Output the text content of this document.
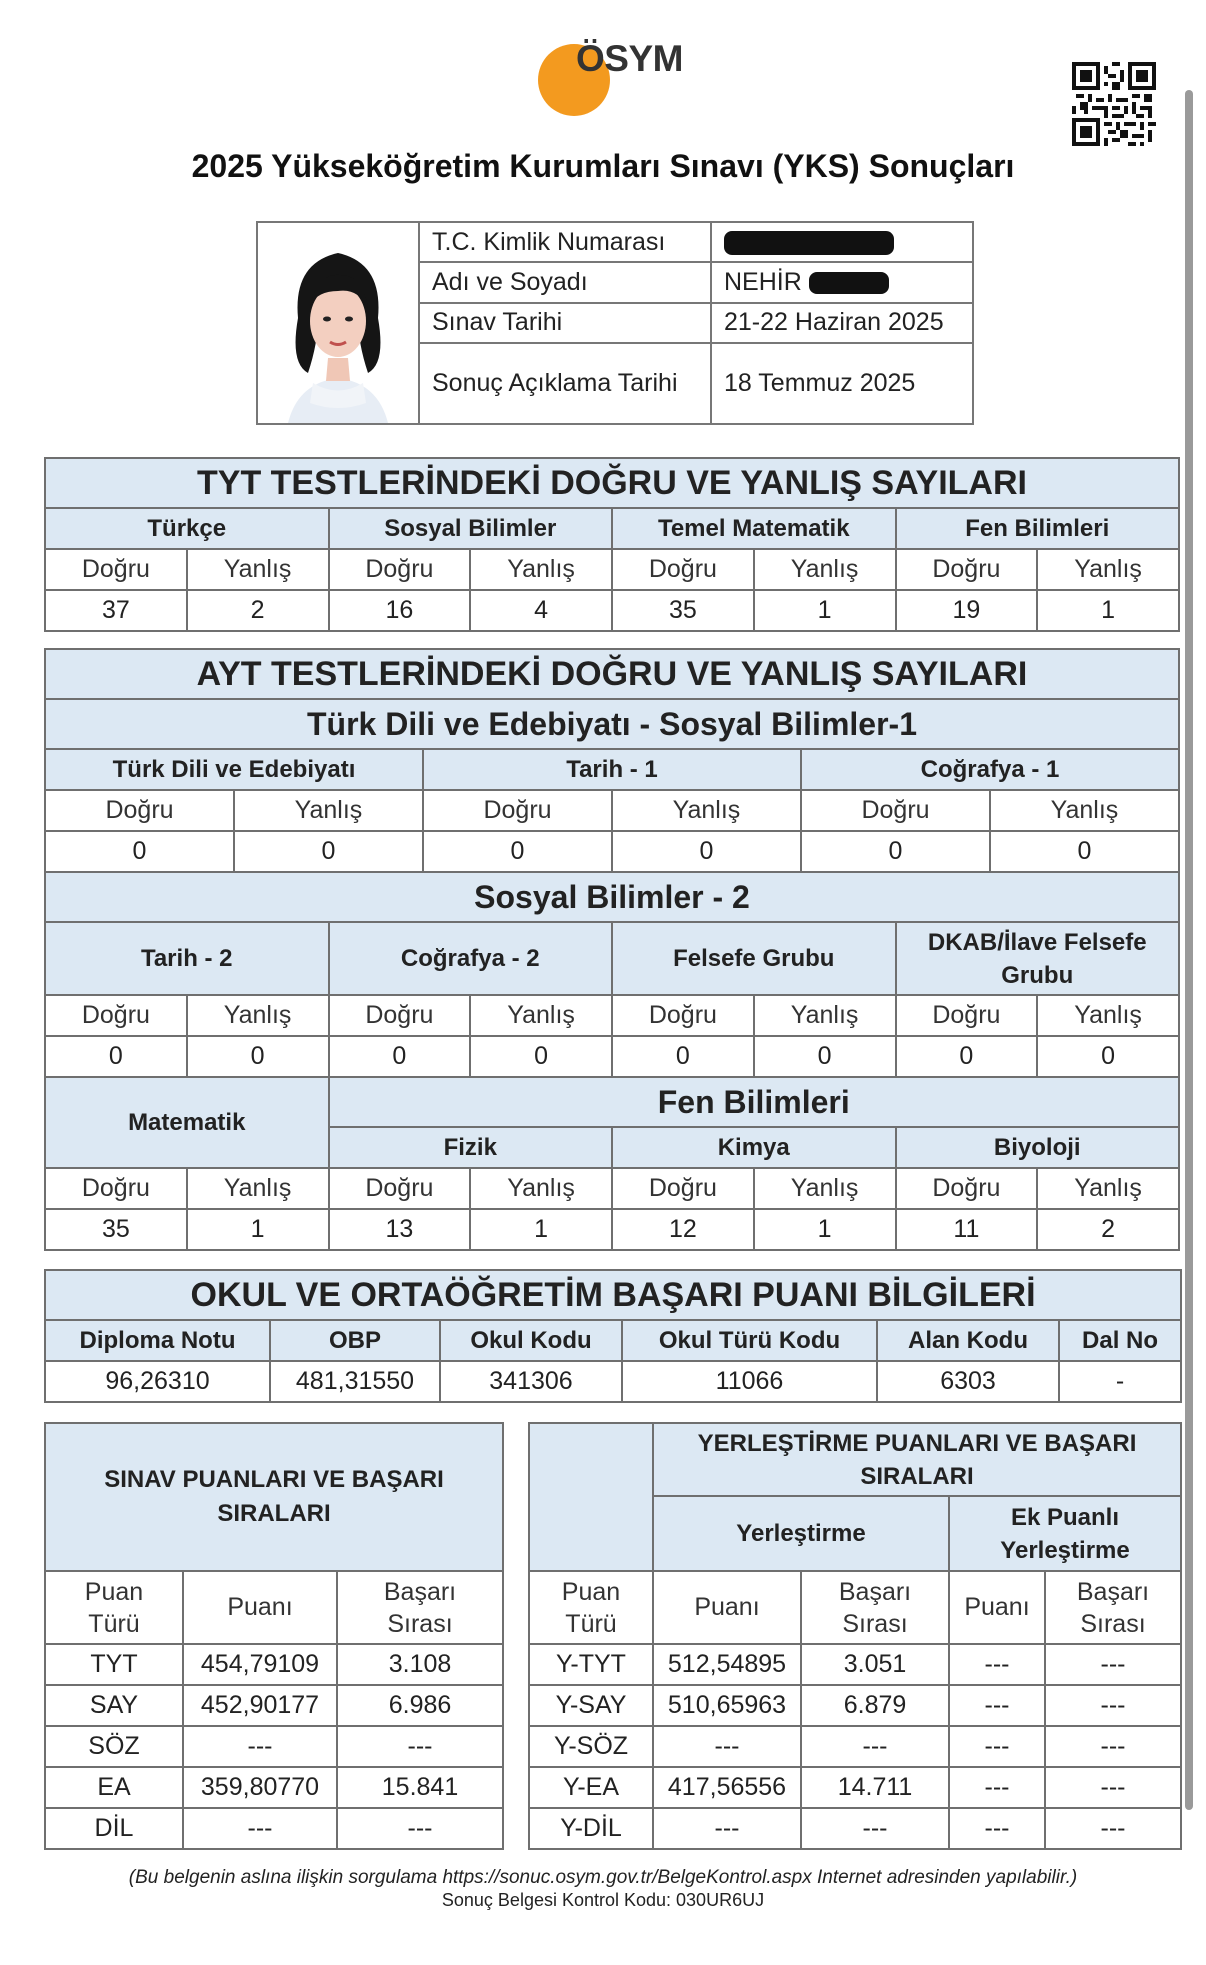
ÖSYM
2025 Yükseköğretim Kurumları Sınavı (YKS) Sonuçları
	T.C. Kimlik Numarası	
	Adı ve Soyadı	NEHİR
	Sınav Tarihi	21-22 Haziran 2025
	Sonuç Açıklama Tarihi	18 Temmuz 2025
TYT TESTLERİNDEKİ DOĞRU VE YANLIŞ SAYILARI							
Türkçe		Sosyal Bilimler		Temel Matematik		Fen Bilimleri	
Doğru	Yanlış	Doğru	Yanlış	Doğru	Yanlış	Doğru	Yanlış
37	2	16	4	35	1	19	1
AYT TESTLERİNDEKİ DOĞRU VE YANLIŞ SAYILARI											
Türk Dili ve Edebiyatı - Sosyal Bilimler-1											
Türk Dili ve Edebiyatı				Tarih - 1				Coğrafya - 1			
Doğru		Yanlış		Doğru		Yanlış		Doğru		Yanlış	
0		0		0		0		0		0	
Sosyal Bilimler - 2											
Tarih - 2			Coğrafya - 2			Felsefe Grubu			DKAB/İlave Felsefe Grubu		
Doğru	Yanlış		Doğru		Yanlış	Doğru	Yanlış		Doğru		Yanlış
0	0		0		0	0	0		0		0
Matematik			Fen Bilimleri								
			Fizik			Kimya			Biyoloji		
Doğru	Yanlış		Doğru		Yanlış	Doğru	Yanlış		Doğru		Yanlış
35	1		13		1	12	1		11		2
OKUL VE ORTAÖĞRETİM BAŞARI PUANI BİLGİLERİ					
Diploma Notu	OBP	Okul Kodu	Okul Türü Kodu	Alan Kodu	Dal No
96,26310	481,31550	341306	11066	6303	-
SINAV PUANLARI VE BAŞARI SIRALARI		
Puan Türü	Puanı	Başarı Sırası
TYT	454,79109	3.108
SAY	452,90177	6.986
SÖZ	---	---
EA	359,80770	15.841
DİL	---	---
	YERLEŞTİRME PUANLARI VE BAŞARI SIRALARI			
	Yerleştirme		Ek Puanlı Yerleştirme	
Puan Türü	Puanı	Başarı Sırası	Puanı	Başarı Sırası
Y-TYT	512,54895	3.051	---	---
Y-SAY	510,65963	6.879	---	---
Y-SÖZ	---	---	---	---
Y-EA	417,56556	14.711	---	---
Y-DİL	---	---	---	---
(Bu belgenin aslına ilişkin sorgulama https://sonuc.osym.gov.tr/BelgeKontrol.aspx Internet adresinden yapılabilir.)
Sonuç Belgesi Kontrol Kodu: 030UR6UJ
